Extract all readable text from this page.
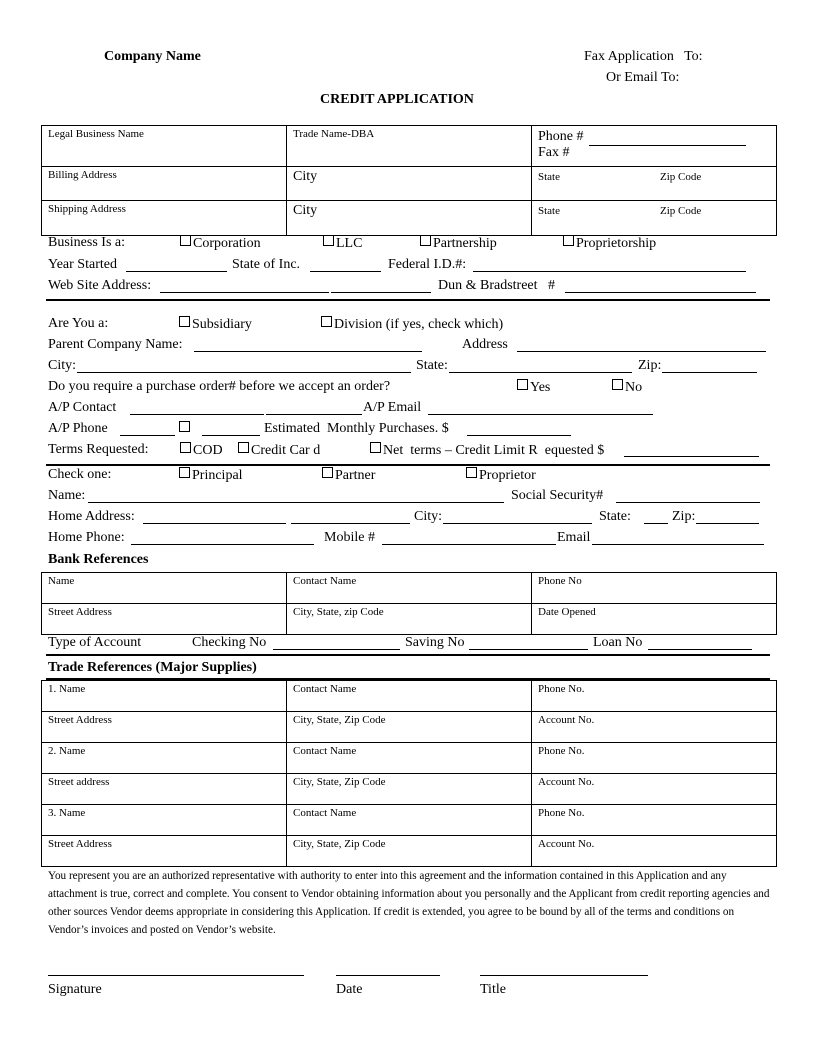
Company Name	Fax Application   To:
Or Email To:
CREDIT APPLICATION
Legal Business Name	Trade Name-DBA	Phone #
Fax #

Billing Address	City	State Zip Code

Shipping Address	City	State Zip Code
Business Is a:	Corporation	LLC	Partnership	Proprietorship
Year Started	State of Inc.	Federal I.D.#:
Web Site Address:	Dun & Bradstreet   #
Are You a:	Subsidiary	Division (if yes, check which)
Parent Company Name:	Address
City:	State:	Zip:
Do you require a purchase order# before we accept an order?	Yes	No
A/P Contact	A/P Email
A/P Phone	Estimated  Monthly Purchases. $
Terms Requested:	COD	Credit Car d	Net  terms – Credit Limit R  equested $
Check one:	Principal	Partner	Proprietor
Name:	Social Security#
Home Address:	City:	State:	Zip:
Home Phone:	Mobile #	Email
Bank References
Name	Contact Name	Phone No
Street Address	City, State, zip Code	Date Opened
Type of Account	Checking No	Saving No	Loan No
Trade References (Major Supplies)
1. Name	Contact Name	Phone No.
Street Address	City, State, Zip Code	Account No.
2. Name	Contact Name	Phone No.
Street address	City, State, Zip Code	Account No.
3. Name	Contact Name	Phone No.
Street Address	City, State, Zip Code	Account No.
You represent you are an authorized representative with authority to enter into this agreement and the information contained in this Application and any attachment is true, correct and complete. You consent to Vendor obtaining information about you personally and the Applicant from credit reporting agencies and other sources Vendor deems appropriate in considering this Application. If credit is extended, you agree to be bound by all of the terms and conditions on Vendor’s invoices and posted on Vendor’s website.
Signature	Date	Title
